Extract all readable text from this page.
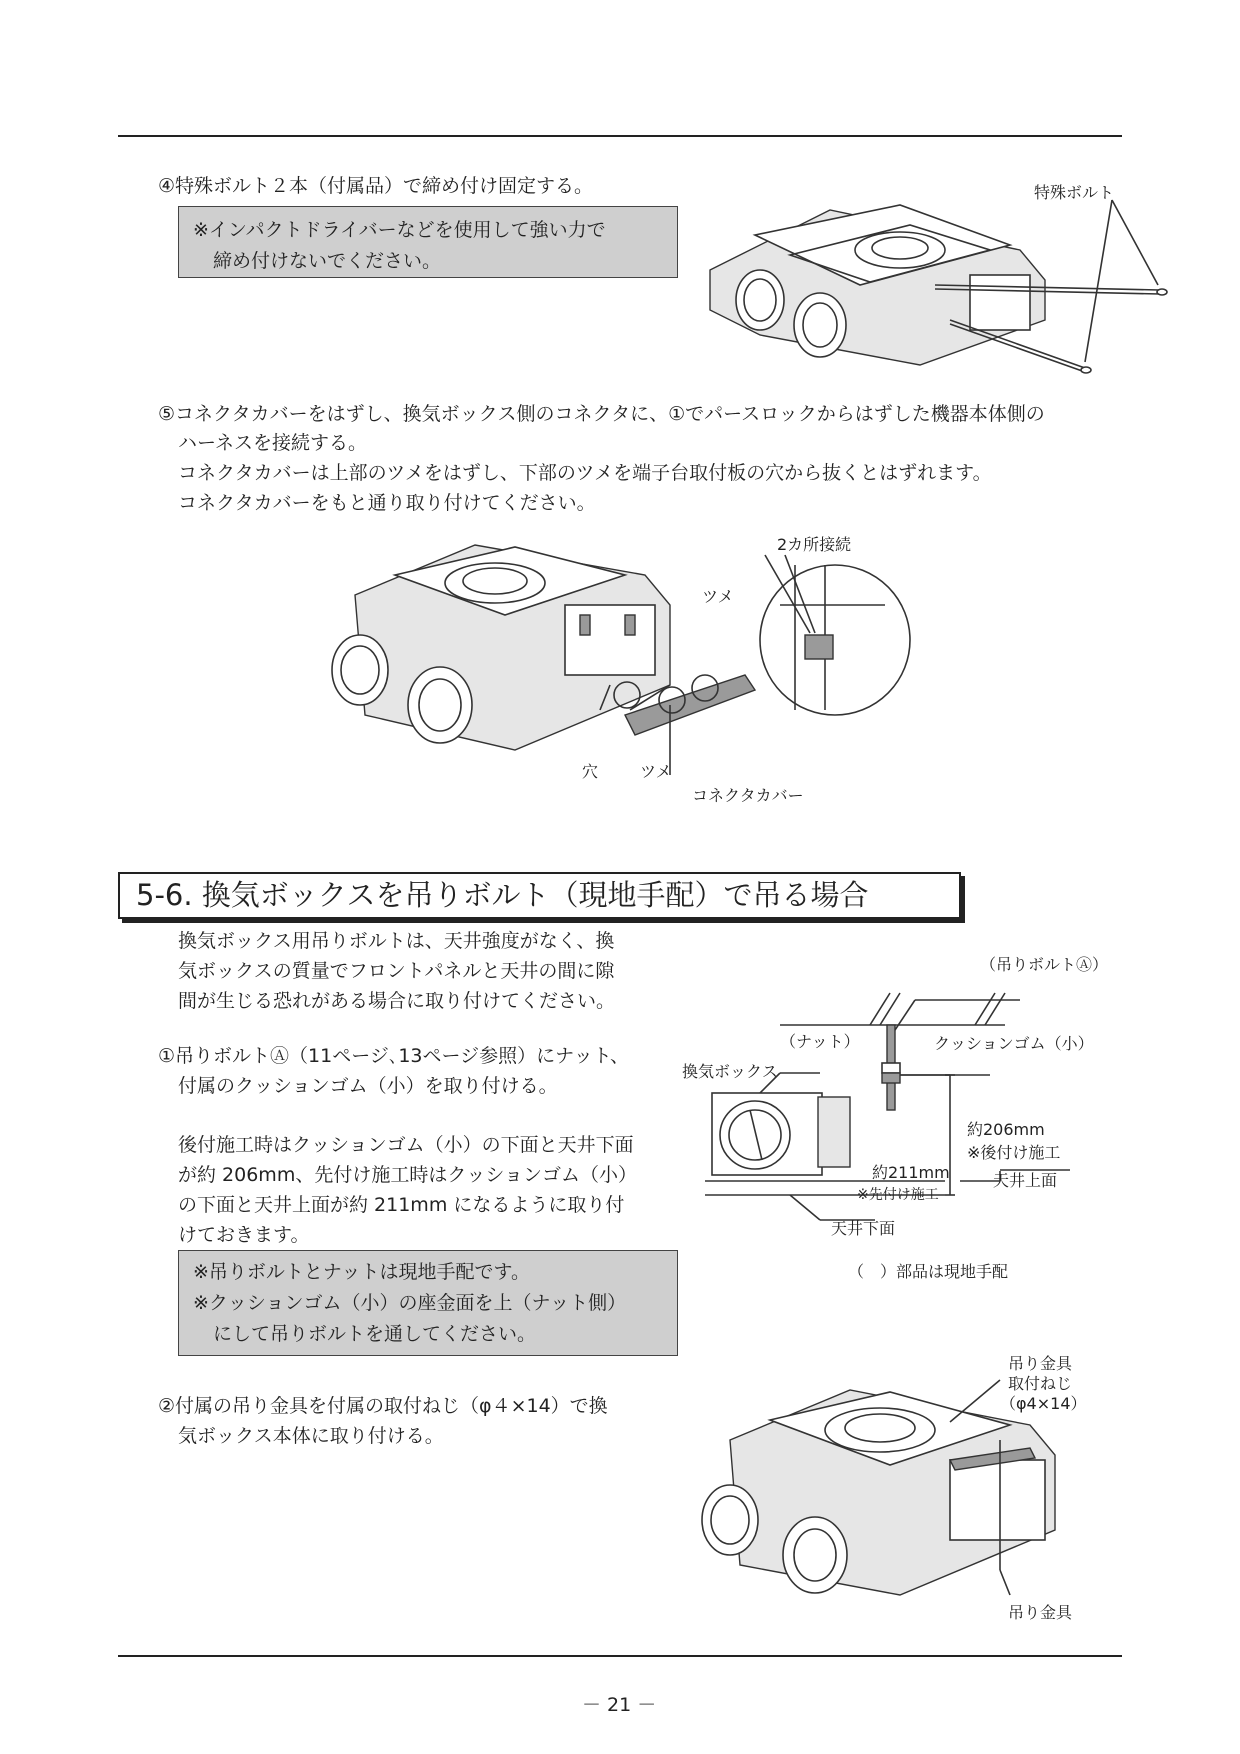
④特殊ボルト２本（付属品）で締め付け固定する。
※インパクトドライバーなどを使用して強い力で
締め付けないでください。
特殊ボルト
⑤コネクタカバーをはずし、換気ボックス側のコネクタに、①でパースロックからはずした機器本体側の
ハーネスを接続する。
コネクタカバーは上部のツメをはずし、下部のツメを端子台取付板の穴から抜くとはずれます。
コネクタカバーをもと通り取り付けてください。
2カ所接続
ツメ
穴	ツメ
コネクタカバー
5-6. 換気ボックスを吊りボルト（現地手配）で吊る場合
換気ボックス用吊りボルトは、天井強度がなく、換
気ボックスの質量でフロントパネルと天井の間に隙
間が生じる恐れがある場合に取り付けてください。
①吊りボルトⒶ（11ページ､13ページ参照）にナット、
付属のクッションゴム（小）を取り付ける。
後付施工時はクッションゴム（小）の下面と天井下面
が約 206mm、先付け施工時はクッションゴム（小）
の下面と天井上面が約 211mm になるように取り付
けておきます。
※吊りボルトとナットは現地手配です。
※クッションゴム（小）の座金面を上（ナット側）
にして吊りボルトを通してください。
（吊りボルトⒶ）
（ナット）	クッションゴム（小）
換気ボックス
約206mm
※後付け施工
約211mm
※先付け施工
天井上面
天井下面
（　）部品は現地手配
②付属の吊り金具を付属の取付ねじ（φ４×14）で換
気ボックス本体に取り付ける。
吊り金具
取付ねじ
（φ4×14）
吊り金具
－ 21 －
